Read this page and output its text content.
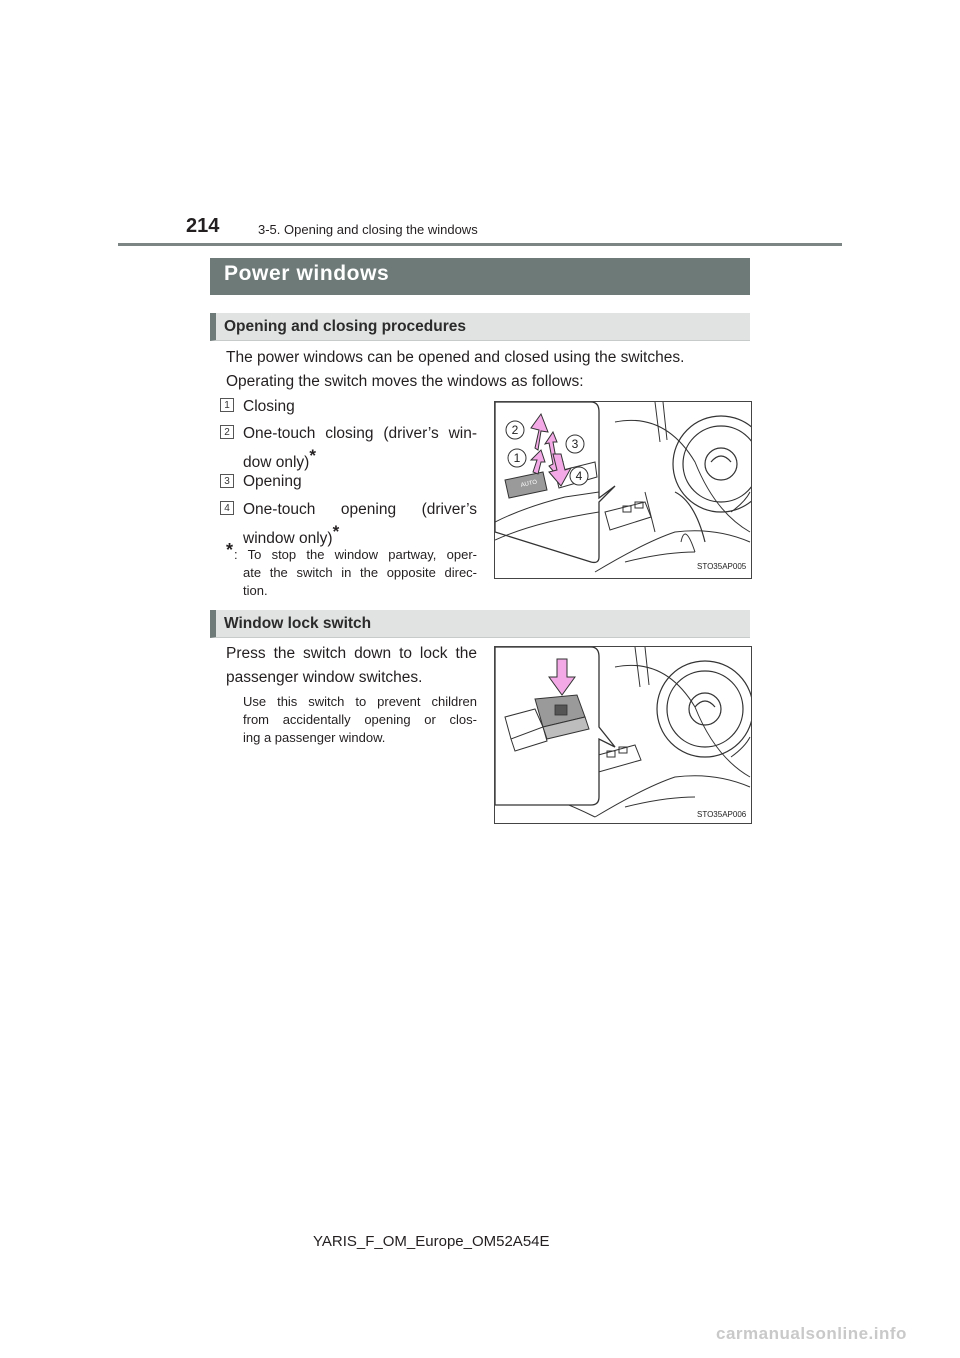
214	3-5. Opening and closing the windows
Power windows
Opening and closing procedures
The power windows can be opened and closed using the switches.
Operating the switch moves the windows as follows:
1 Closing
2 One-touch closing (driver’s win-
dow only)*
3 Opening
4 One-touch opening (driver’s
window only)*
* : To stop the window partway, oper-
ate the switch in the opposite direc-
tion.
AUTO
1
2
3
4
STO35AP005
Window lock switch
Press the switch down to lock the
passenger window switches.
Use this switch to prevent children
from accidentally opening or clos-
ing a passenger window.
STO35AP006
YARIS_F_OM_Europe_OM52A54E
carmanualsonline.info
